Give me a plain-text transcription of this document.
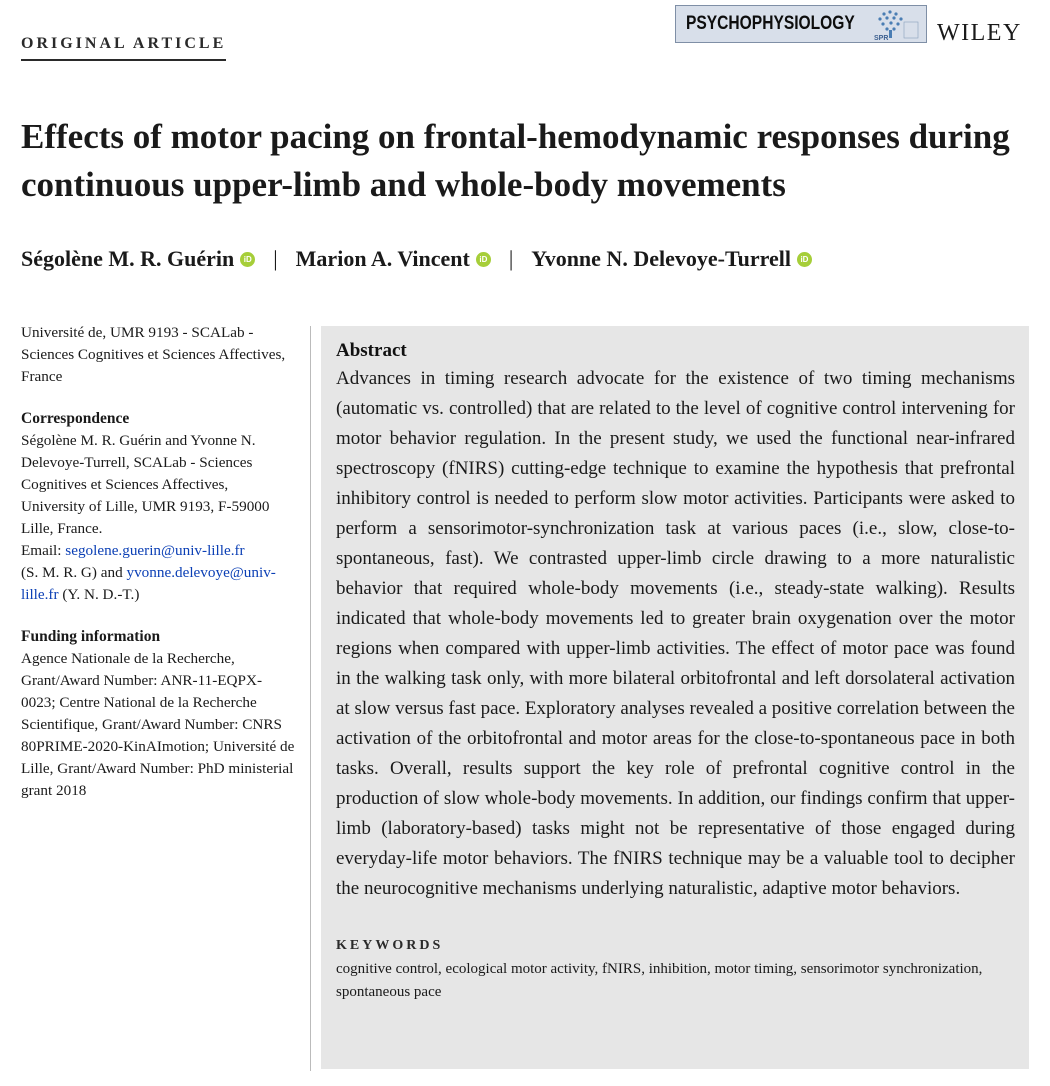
ORIGINAL ARTICLE
PSYCHOPHYSIOLOGY
SPR WILEY
Effects of motor pacing on frontal-hemodynamic responses during continuous upper-limb and whole-body movements
Ségolène M. R. Guérin	iD | Marion A. Vincent	iD | Yvonne N. Delevoye-Turrell	iD

Université de, UMR 9193 - SCALab - Sciences Cognitives et Sciences Affectives, France

Correspondence

Ségolène M. R. Guérin and Yvonne N. Delevoye-Turrell, SCALab - Sciences Cognitives et Sciences Affectives, University of Lille, UMR 9193, F-59000 Lille, France.
Email: segolene.guerin@univ-lille.fr
(S. M. R. G) and yvonne.delevoye@univ-lille.fr (Y. N. D.-T.)

Funding information

Agence Nationale de la Recherche, Grant/Award Number: ANR-11-EQPX-0023; Centre National de la Recherche Scientifique, Grant/Award Number: CNRS 80PRIME-2020-KinAImotion; Université de Lille, Grant/Award Number: PhD ministerial grant 2018

Abstract

Advances in timing research advocate for the existence of two timing mechanisms (automatic vs. controlled) that are related to the level of cognitive control intervening for motor behavior regulation. In the present study, we used the functional near-infrared spectroscopy (fNIRS) cutting-edge technique to examine the hypothesis that prefrontal inhibitory control is needed to perform slow motor activities. Participants were asked to perform a sensorimotor-synchronization task at various paces (i.e., slow, close-to-spontaneous, fast). We contrasted upper-limb circle drawing to a more naturalistic behavior that required whole-body movements (i.e., steady-state walking). Results indicated that whole-body movements led to greater brain oxygenation over the motor regions when compared with upper-limb activities. The effect of motor pace was found in the walking task only, with more bilateral orbitofrontal and left dorsolateral activation at slow versus fast pace. Exploratory analyses revealed a positive correlation between the activation of the orbitofrontal and motor areas for the close-to-spontaneous pace in both tasks. Overall, results support the key role of prefrontal cognitive control in the production of slow whole-body movements. In addition, our findings confirm that upper-limb (laboratory-based) tasks might not be representative of those engaged during everyday-life motor behaviors. The fNIRS technique may be a valuable tool to decipher the neurocognitive mechanisms underlying naturalistic, adaptive motor behaviors.

KEYWORDS
cognitive control, ecological motor activity, fNIRS, inhibition, motor timing, sensorimotor synchronization, spontaneous pace
